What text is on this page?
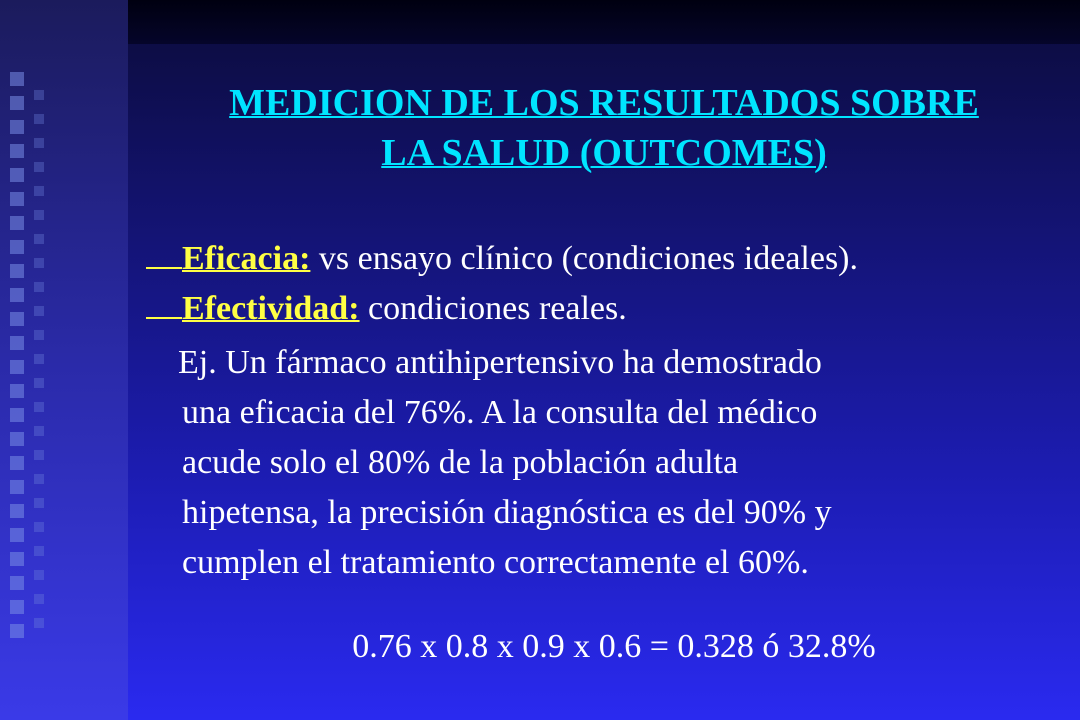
MEDICION DE LOS RESULTADOS SOBRE
LA SALUD (OUTCOMES)
Eficacia: vs ensayo clínico (condiciones ideales).
Efectividad: condiciones reales.

Ej. Un fármaco antihipertensivo ha demostrado

una eficacia del 76%. A la consulta del médico

acude solo el 80% de la población adulta

hipetensa, la precisión diagnóstica es del 90% y

cumplen el tratamiento correctamente el 60%.

0.76 x 0.8 x 0.9 x 0.6 = 0.328 ó 32.8%
